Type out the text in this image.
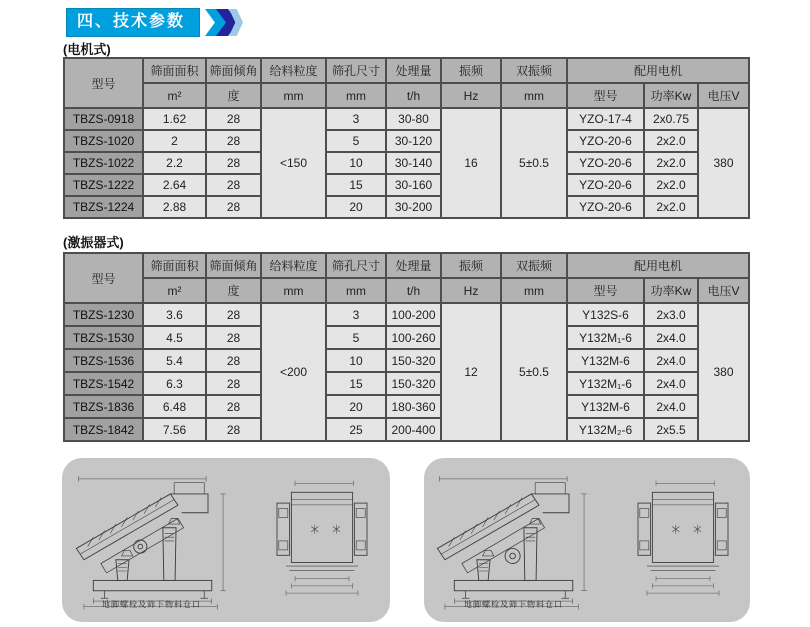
四、技术参数
(电机式)
型号	筛面面积	筛面倾角	给料粒度	筛孔尺寸	处理量	振频	双振频	配用电机		
	m²	度	mm	mm	t/h	Hz	mm	型号	功率Kw	电压V
TBZS-0918	1.62	28	<150	3	30-80	16	5±0.5	YZO-17-4	2x0.75	380
TBZS-1020	2	28		5	30-120			YZO-20-6	2x2.0	
TBZS-1022	2.2	28		10	30-140			YZO-20-6	2x2.0	
TBZS-1222	2.64	28		15	30-160			YZO-20-6	2x2.0	
TBZS-1224	2.88	28		20	30-200			YZO-20-6	2x2.0	
(激振器式)
型号	筛面面积	筛面倾角	给料粒度	筛孔尺寸	处理量	振频	双振频	配用电机		
	m²	度	mm	mm	t/h	Hz	mm	型号	功率Kw	电压V
TBZS-1230	3.6	28	<200	3	100-200	12	5±0.5	Y132S-6	2x3.0	380
TBZS-1530	4.5	28		5	100-260			Y132M₁-6	2x4.0	
TBZS-1536	5.4	28		10	150-320			Y132M-6	2x4.0	
TBZS-1542	6.3	28		15	150-320			Y132M₁-6	2x4.0	
TBZS-1836	6.48	28		20	180-360			Y132M-6	2x4.0	
TBZS-1842	7.56	28		25	200-400			Y132M₂-6	2x5.5	
地脚螺栓及筛下物料仓口	地脚螺栓及筛下物料仓口
